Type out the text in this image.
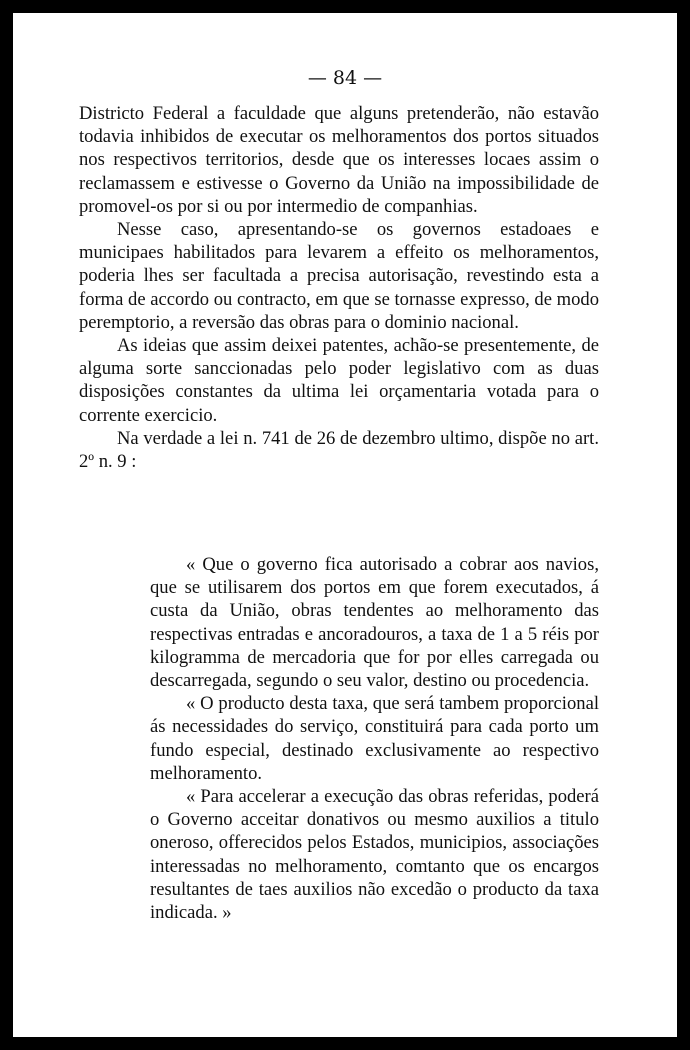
— 84 —

Districto Federal a faculdade que alguns pretenderão, não estavão todavia inhibidos de executar os melhoramentos dos portos situados nos respectivos territorios, desde que os interesses locaes assim o reclamassem e estivesse o Governo da União na impossibilidade de promovel-os por si ou por intermedio de companhias.

Nesse caso, apresentando-se os governos estadoaes e municipaes habilitados para levarem a effeito os melhoramentos, poderia lhes ser facultada a precisa autorisação, revestindo esta a forma de accordo ou contracto, em que se tornasse expresso, de modo peremptorio, a reversão das obras para o dominio nacional.

As ideias que assim deixei patentes, achão-se presentemente, de alguma sorte sanccionadas pelo poder legislativo com as duas disposições constantes da ultima lei orçamentaria votada para o corrente exercicio.

Na verdade a lei n. 741 de 26 de dezembro ultimo, dispõe no art. 2º n. 9 :

« Que o governo fica autorisado a cobrar aos navios, que se utilisarem dos portos em que forem executados, á custa da União, obras tendentes ao melhoramento das respectivas entradas e ancoradouros, a taxa de 1 a 5 réis por kilogramma de mercadoria que for por elles carregada ou descarregada, segundo o seu valor, destino ou procedencia.

« O producto desta taxa, que será tambem proporcional ás necessidades do serviço, constituirá para cada porto um fundo especial, destinado exclusivamente ao respectivo melhoramento.

« Para accelerar a execução das obras referidas, poderá o Governo acceitar donativos ou mesmo auxilios a titulo oneroso, offerecidos pelos Estados, municipios, associações interessadas no melhoramento, comtanto que os encargos resultantes de taes auxilios não excedão o producto da taxa indicada. »
